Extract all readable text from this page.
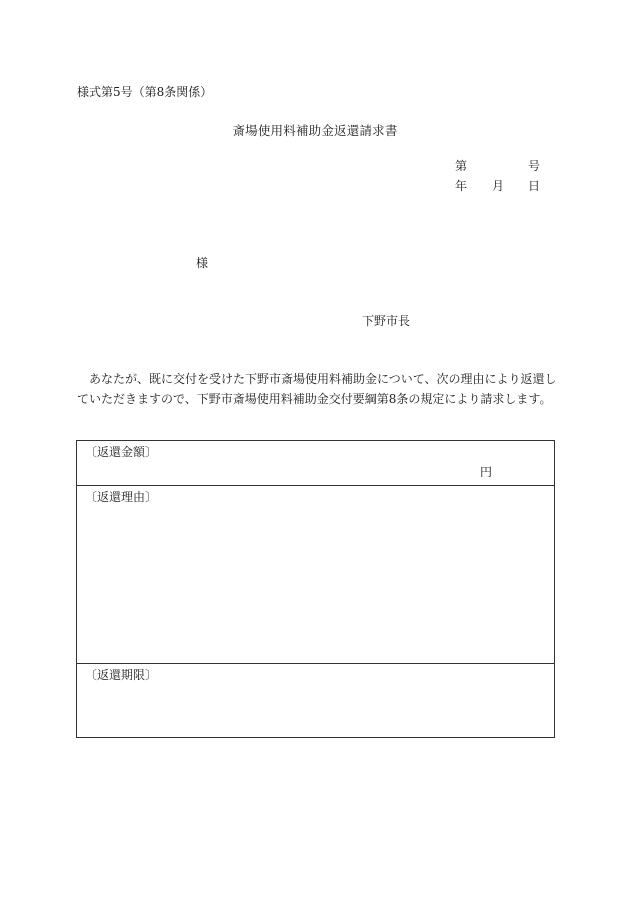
様式第5号（第8条関係）
斎場使用料補助金返還請求書
第	号
年 月 日
様
下野市長

あなたが、既に交付を受けた下野市斎場使用料補助金について、次の理由により返還し

ていただきますので、下野市斎場使用料補助金交付要綱第8条の規定により請求します。

〔返還金額〕
円
〔返還理由〕
〔返還期限〕
